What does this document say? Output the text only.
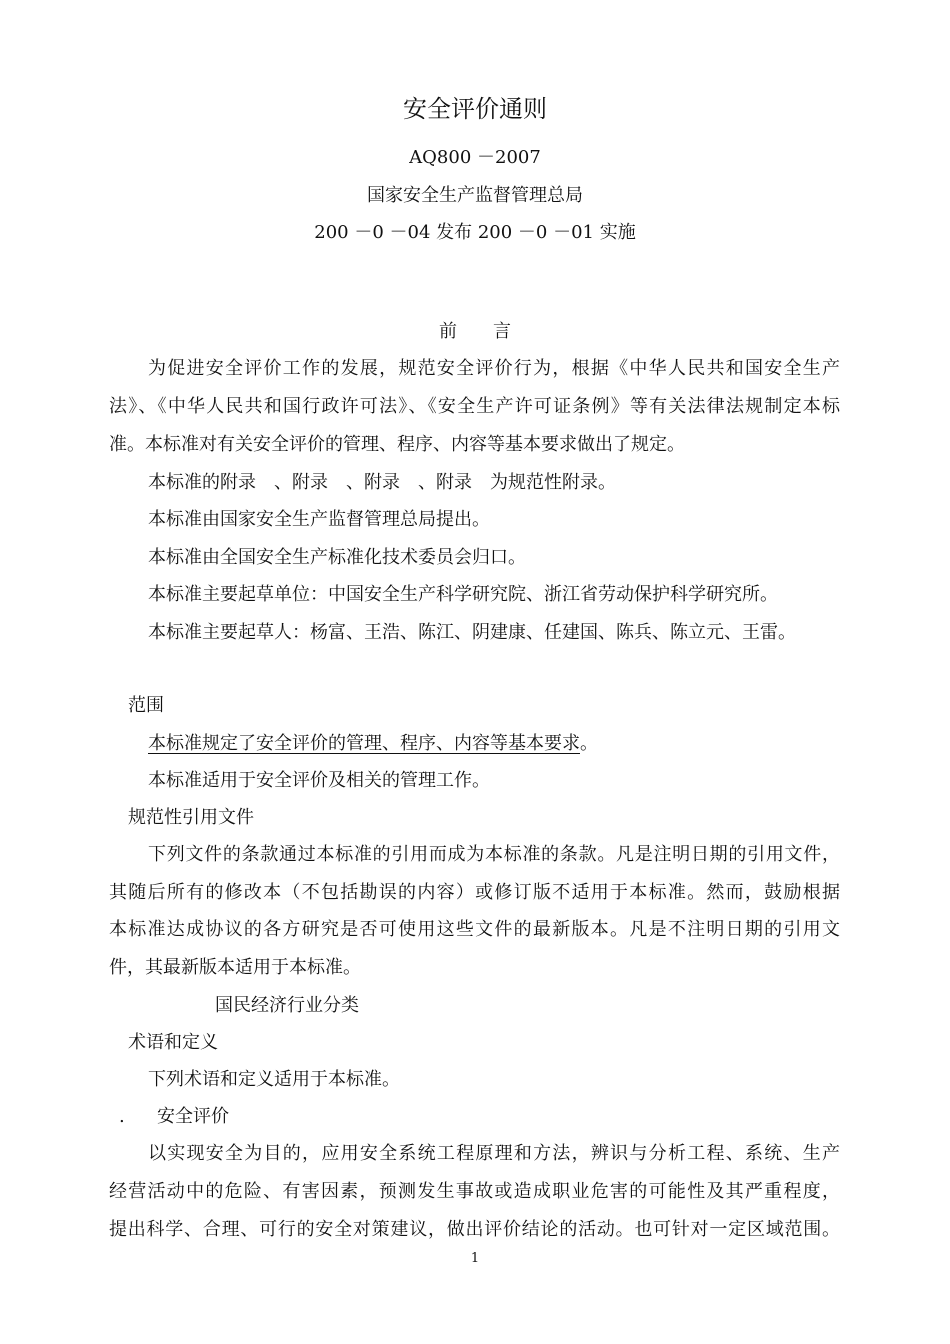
安全评价通则
AQ800 －2007
国家安全生产监督管理总局
200 －0 －04 发布 200 －0 －01 实施
前　　言
为促进安全评价工作的发展，规范安全评价行为，根据《中华人民共和国安全生产
法》、《中华人民共和国行政许可法》、《安全生产许可证条例》等有关法律法规制定本标
准。本标准对有关安全评价的管理、程序、内容等基本要求做出了规定。
本标准的附录　、附录　、附录　、附录　为规范性附录。
本标准由国家安全生产监督管理总局提出。
本标准由全国安全生产标准化技术委员会归口。
本标准主要起草单位：中国安全生产科学研究院、浙江省劳动保护科学研究所。
本标准主要起草人：杨富、王浩、陈江、阴建康、任建国、陈兵、陈立元、王雷。
范围
本标准规定了安全评价的管理、程序、内容等基本要求。
本标准适用于安全评价及相关的管理工作。
规范性引用文件
下列文件的条款通过本标准的引用而成为本标准的条款。凡是注明日期的引用文件，
其随后所有的修改本（不包括勘误的内容）或修订版不适用于本标准。然而，鼓励根据
本标准达成协议的各方研究是否可使用这些文件的最新版本。凡是不注明日期的引用文
件，其最新版本适用于本标准。
国民经济行业分类
术语和定义
下列术语和定义适用于本标准。
. 安全评价
以实现安全为目的，应用安全系统工程原理和方法，辨识与分析工程、系统、生产
经营活动中的危险、有害因素，预测发生事故或造成职业危害的可能性及其严重程度，
提出科学、合理、可行的安全对策建议，做出评价结论的活动。也可针对一定区域范围。
1
